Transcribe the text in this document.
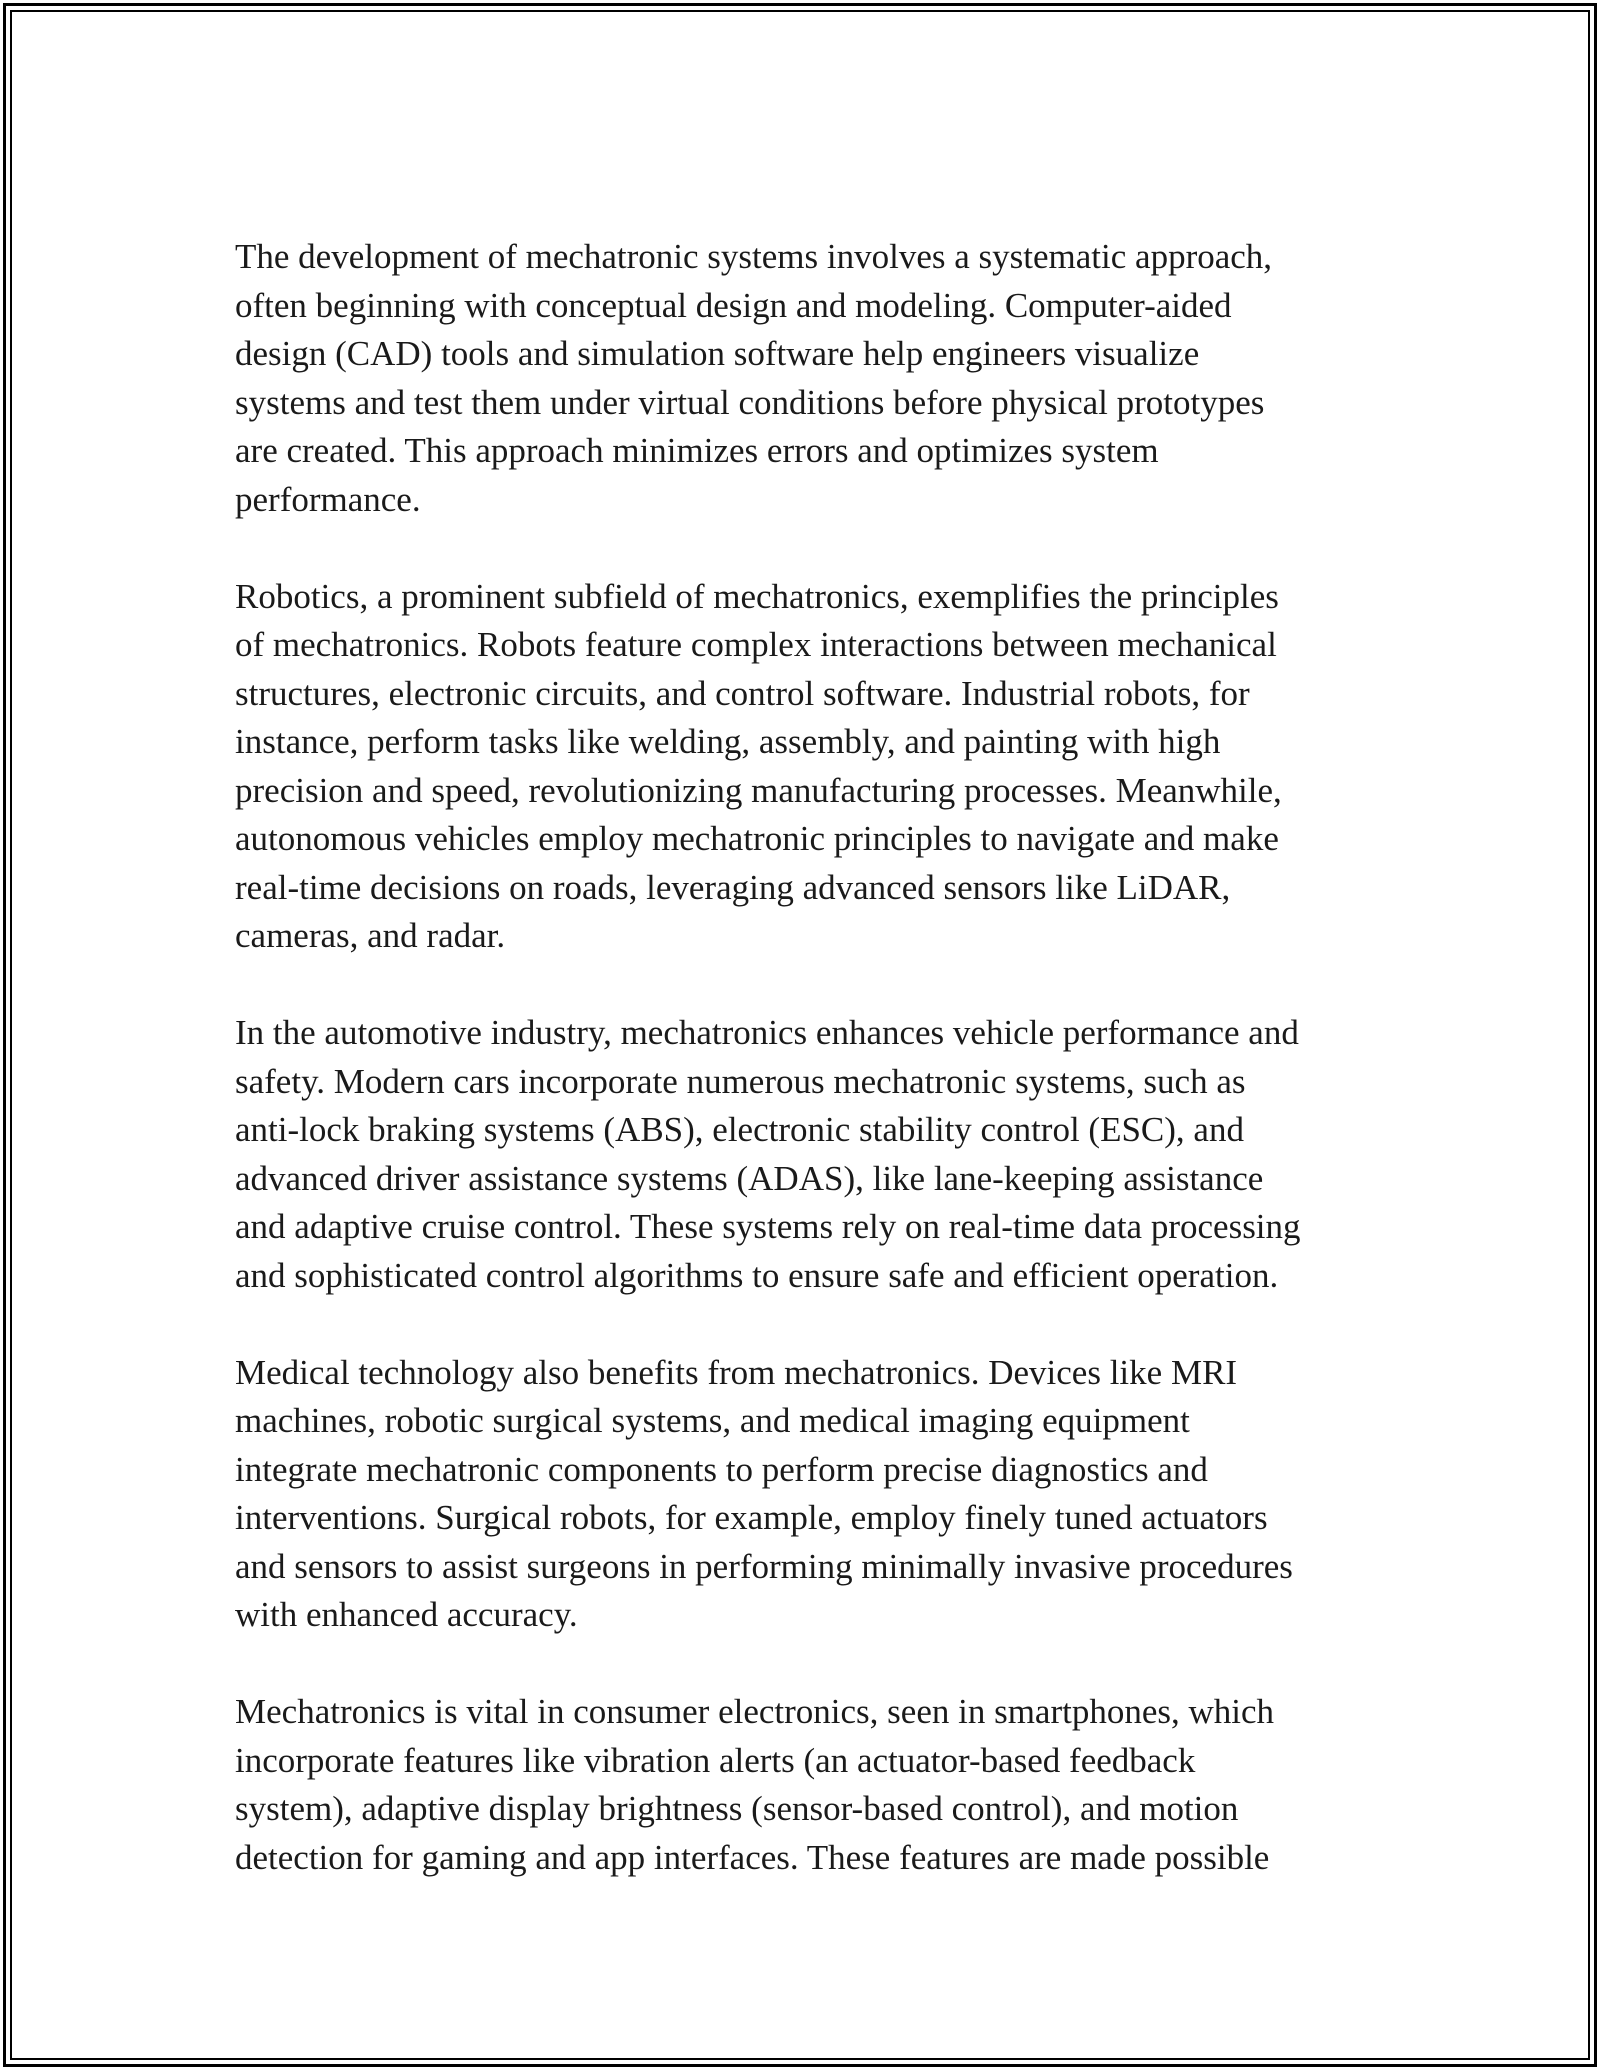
The development of mechatronic systems involves a systematic approach,
often beginning with conceptual design and modeling. Computer-aided
design (CAD) tools and simulation software help engineers visualize
systems and test them under virtual conditions before physical prototypes
are created. This approach minimizes errors and optimizes system
performance.

Robotics, a prominent subfield of mechatronics, exemplifies the principles
of mechatronics. Robots feature complex interactions between mechanical
structures, electronic circuits, and control software. Industrial robots, for
instance, perform tasks like welding, assembly, and painting with high
precision and speed, revolutionizing manufacturing processes. Meanwhile,
autonomous vehicles employ mechatronic principles to navigate and make
real-time decisions on roads, leveraging advanced sensors like LiDAR,
cameras, and radar.

In the automotive industry, mechatronics enhances vehicle performance and
safety. Modern cars incorporate numerous mechatronic systems, such as
anti-lock braking systems (ABS), electronic stability control (ESC), and
advanced driver assistance systems (ADAS), like lane-keeping assistance
and adaptive cruise control. These systems rely on real-time data processing
and sophisticated control algorithms to ensure safe and efficient operation.

Medical technology also benefits from mechatronics. Devices like MRI
machines, robotic surgical systems, and medical imaging equipment
integrate mechatronic components to perform precise diagnostics and
interventions. Surgical robots, for example, employ finely tuned actuators
and sensors to assist surgeons in performing minimally invasive procedures
with enhanced accuracy.

Mechatronics is vital in consumer electronics, seen in smartphones, which
incorporate features like vibration alerts (an actuator-based feedback
system), adaptive display brightness (sensor-based control), and motion
detection for gaming and app interfaces. These features are made possible
